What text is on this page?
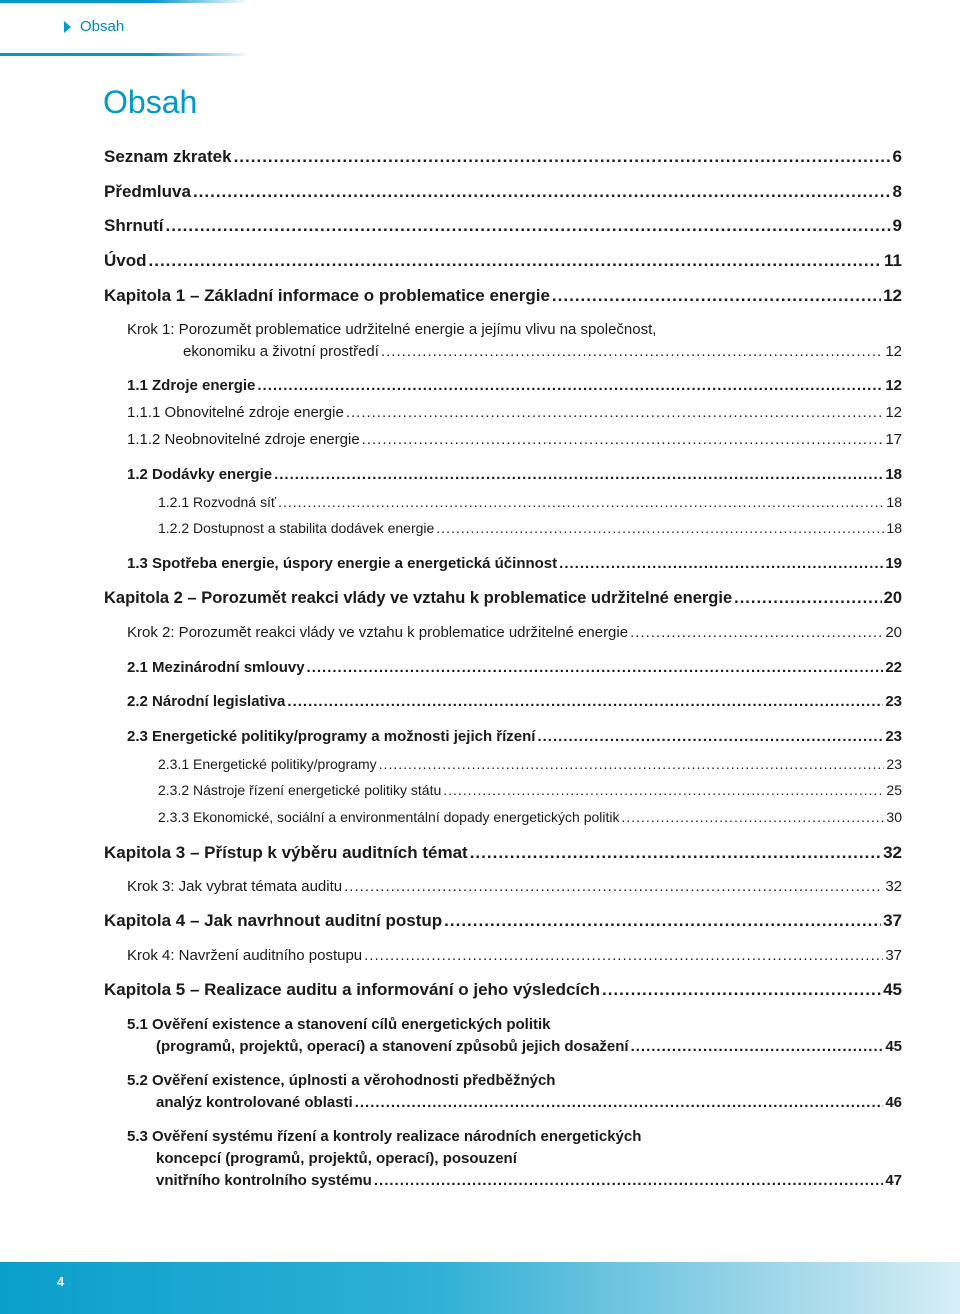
Obsah
Obsah
Seznam zkratek .....	6
Předmluva .....	8
Shrnutí .....	9
Úvod .....	11
Kapitola 1 – Základní informace o problematice energie .....	12
Krok 1: Porozumět problematice udržitelné energie a jejímu vlivu na společnost,
ekonomiku a životní prostředí .....	12
1.1 Zdroje energie .....	12
1.1.1 Obnovitelné zdroje energie .....	12
1.1.2 Neobnovitelné zdroje energie .....	17
1.2 Dodávky energie .....	18
1.2.1 Rozvodná síť .....	18
1.2.2 Dostupnost a stabilita dodávek energie .....	18
1.3 Spotřeba energie, úspory energie a energetická účinnost .....	19
Kapitola 2 – Porozumět reakci vlády ve vztahu k problematice udržitelné energie .....	20
Krok 2: Porozumět reakci vlády ve vztahu k problematice udržitelné energie .....	20
2.1 Mezinárodní smlouvy .....	22
2.2 Národní legislativa .....	23
2.3 Energetické politiky/programy a možnosti jejich řízení .....	23
2.3.1 Energetické politiky/programy .....	23
2.3.2 Nástroje řízení energetické politiky státu .....	25
2.3.3 Ekonomické, sociální a environmentální dopady energetických politik .....	30
Kapitola 3 – Přístup k výběru auditních témat .....	32
Krok 3: Jak vybrat témata auditu .....	32
Kapitola 4 – Jak navrhnout auditní postup .....	37
Krok 4: Navržení auditního postupu .....	37
Kapitola 5 – Realizace auditu a informování o jeho výsledcích .....	45
5.1 Ověření existence a stanovení cílů energetických politik
(programů, projektů, operací) a stanovení způsobů jejich dosažení .....	45
5.2 Ověření existence, úplnosti a věrohodnosti předběžných
analýz kontrolované oblasti .....	46
5.3 Ověření systému řízení a kontroly realizace národních energetických
koncepcí (programů, projektů, operací), posouzení
vnitřního kontrolního systému .....	47
4
